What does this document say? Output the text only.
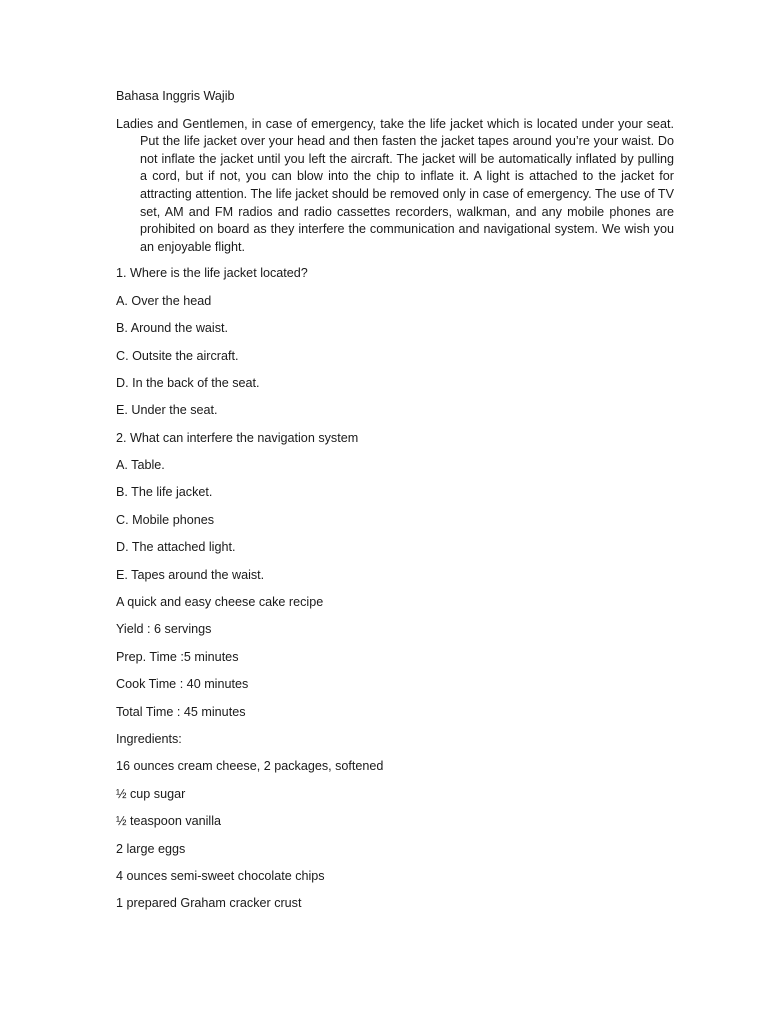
Bahasa Inggris Wajib

Ladies and Gentlemen, in case of emergency, take the life jacket which is located under your seat. Put the life jacket over your head and then fasten the jacket tapes around you’re your waist. Do not inflate the jacket until you left the aircraft. The jacket will be automatically inflated by pulling a cord, but if not, you can blow into the chip to inflate it. A light is attached to the jacket for attracting attention. The life jacket should be removed only in case of emergency. The use of TV set, AM and FM radios and radio cassettes recorders, walkman, and any mobile phones are prohibited on board as they interfere the communication and navigational system. We wish you an enjoyable flight.

1. Where is the life jacket located?

A. Over the head

B. Around the waist.

C. Outsite the aircraft.

D. In the back of the seat.

E. Under the seat.

2. What can interfere the navigation system

A. Table.

B. The life jacket.

C. Mobile phones

D. The attached light.

E. Tapes around the waist.

A quick and easy cheese cake recipe

Yield : 6 servings

Prep. Time :5 minutes

Cook Time : 40 minutes

Total Time : 45 minutes

Ingredients:

16 ounces cream cheese, 2 packages, softened

½ cup sugar

½ teaspoon vanilla

2 large eggs

4 ounces semi-sweet chocolate chips

1 prepared Graham cracker crust
